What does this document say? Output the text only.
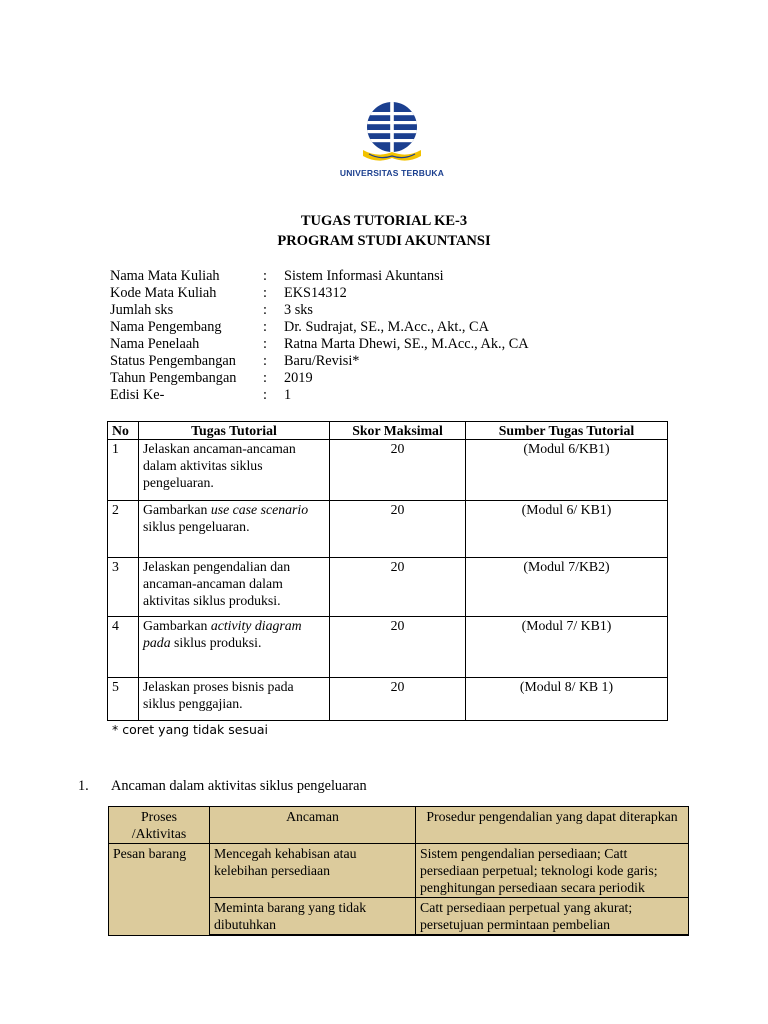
UNIVERSITAS TERBUKA
TUGAS TUTORIAL KE-3
PROGRAM STUDI AKUNTANSI
Nama Mata Kuliah	: Sistem Informasi Akuntansi
Kode Mata Kuliah	: EKS14312
Jumlah sks	: 3 sks
Nama Pengembang	: Dr. Sudrajat, SE., M.Acc., Akt., CA
Nama Penelaah	: Ratna Marta Dhewi, SE., M.Acc., Ak., CA
Status Pengembangan : Baru/Revisi*
Tahun Pengembangan : 2019
Edisi Ke-	: 1
No	Tugas Tutorial	Skor Maksimal	Sumber Tugas Tutorial
1	Jelaskan ancaman-ancaman dalam aktivitas siklus pengeluaran.	20	(Modul 6/KB1)
2	Gambarkan use case scenario siklus pengeluaran.	20	(Modul 6/ KB1)
3	Jelaskan pengendalian dan ancaman-ancaman dalam aktivitas siklus produksi.	20	(Modul 7/KB2)
4	Gambarkan activity diagram pada siklus produksi.	20	(Modul 7/ KB1)
5	Jelaskan proses bisnis pada siklus penggajian.	20	(Modul 8/ KB 1)
* coret yang tidak sesuai
1. Ancaman dalam aktivitas siklus pengeluaran
Proses /Aktivitas	Ancaman	Prosedur pengendalian yang dapat diterapkan
Pesan barang	Mencegah kehabisan atau kelebihan persediaan	Sistem pengendalian persediaan; Catt persediaan perpetual; teknologi kode garis; penghitungan persediaan secara periodik
	Meminta barang yang tidak dibutuhkan	Catt persediaan perpetual yang akurat; persetujuan permintaan pembelian
